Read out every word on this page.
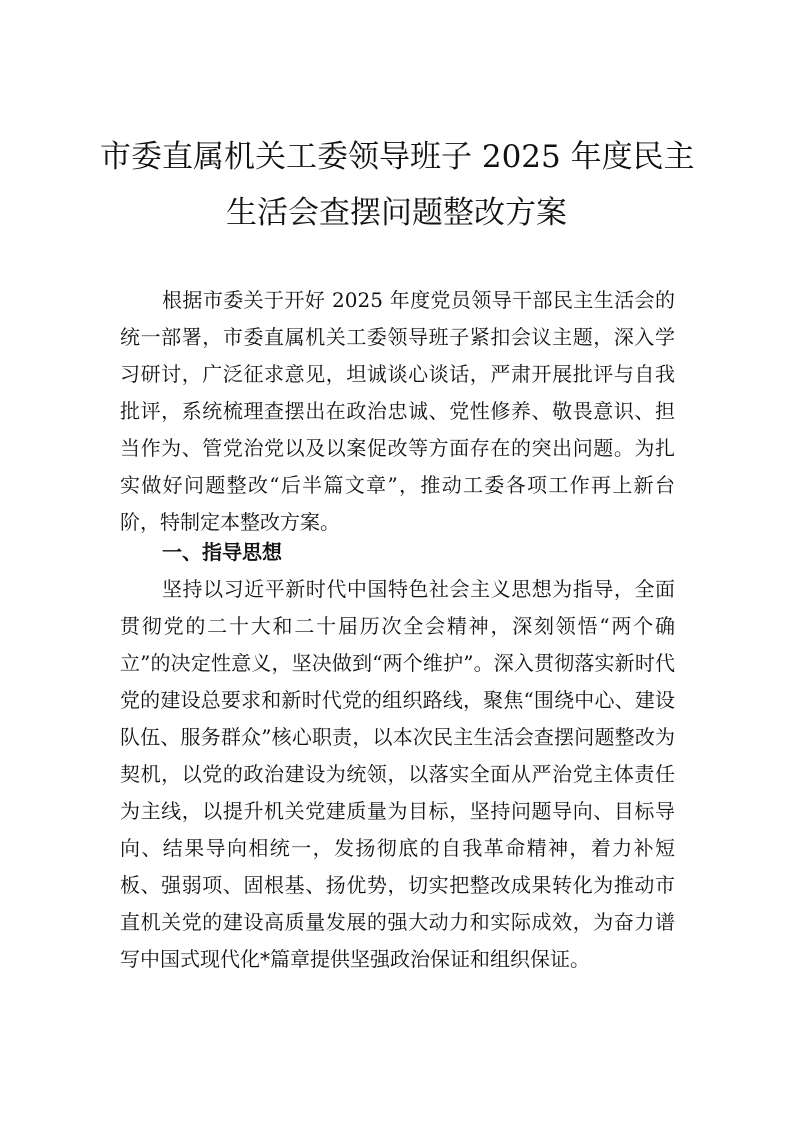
市委直属机关工委领导班子 2025 年度民主
生活会查摆问题整改方案
根据市委关于开好 2025 年度党员领导干部民主生活会的统一部署，市委直属机关工委领导班子紧扣会议主题，深入学习研讨，广泛征求意见，坦诚谈心谈话，严肃开展批评与自我批评，系统梳理查摆出在政治忠诚、党性修养、敬畏意识、担当作为、管党治党以及以案促改等方面存在的突出问题。为扎实做好问题整改“后半篇文章”，推动工委各项工作再上新台阶，特制定本整改方案。
一、指导思想
坚持以习近平新时代中国特色社会主义思想为指导，全面贯彻党的二十大和二十届历次全会精神，深刻领悟“两个确立”的决定性意义，坚决做到“两个维护”。深入贯彻落实新时代党的建设总要求和新时代党的组织路线，聚焦“围绕中心、建设队伍、服务群众”核心职责，以本次民主生活会查摆问题整改为契机，以党的政治建设为统领，以落实全面从严治党主体责任为主线，以提升机关党建质量为目标，坚持问题导向、目标导向、结果导向相统一，发扬彻底的自我革命精神，着力补短板、强弱项、固根基、扬优势，切实把整改成果转化为推动市直机关党的建设高质量发展的强大动力和实际成效，为奋力谱写中国式现代化*篇章提供坚强政治保证和组织保证。
